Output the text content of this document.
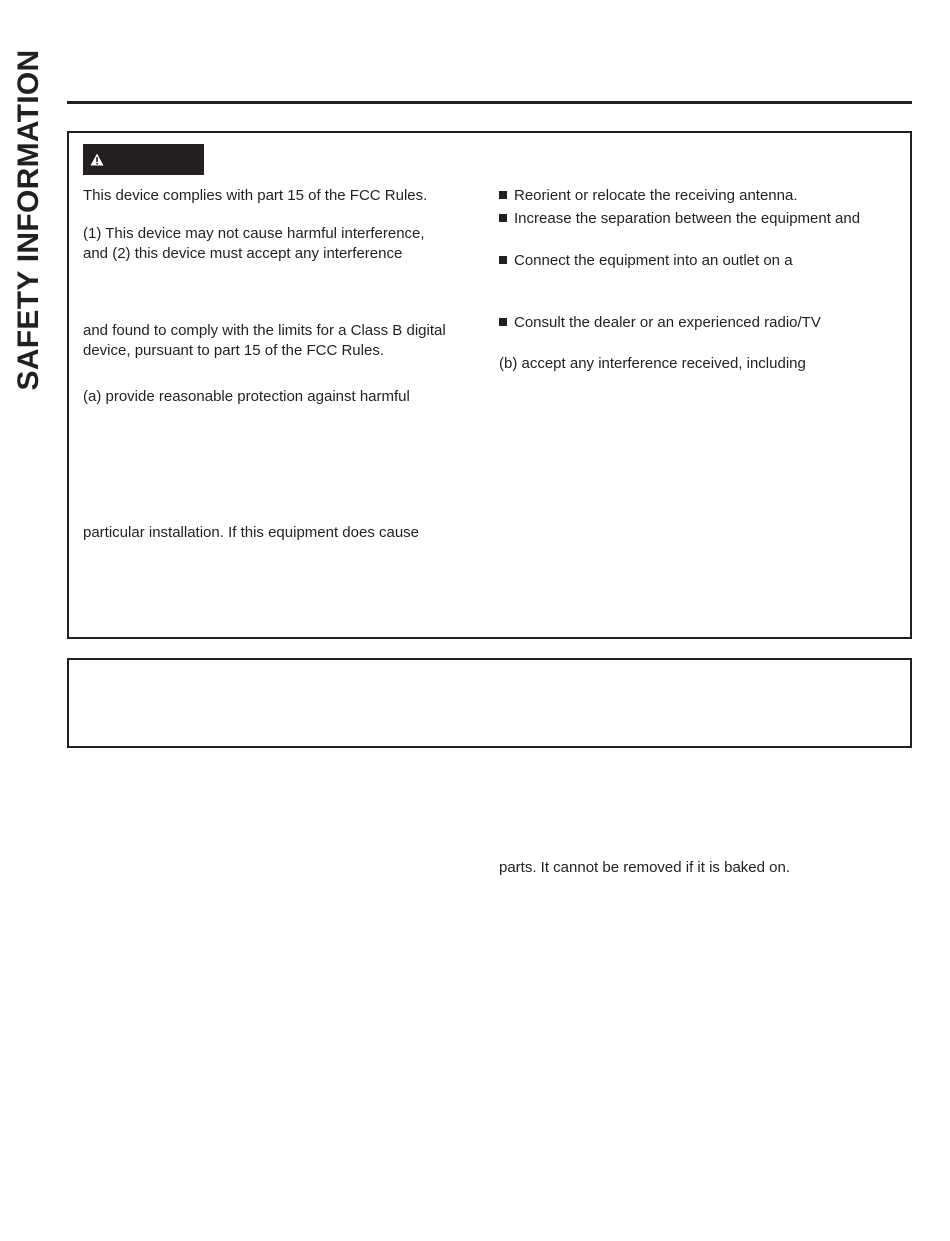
SAFETY INFORMATION	This device complies with part 15 of the FCC Rules.
(1) This device may not cause harmful interference,
and (2) this device must accept any interference
and found to comply with the limits for a Class B digital
device, pursuant to part 15 of the FCC Rules.
(a) provide reasonable protection against harmful
particular installation. If this equipment does cause
Reorient or relocate the receiving antenna.
Increase the separation between the equipment and
Connect the equipment into an outlet on a
Consult the dealer or an experienced radio/TV
(b) accept any interference received, including
parts. It cannot be removed if it is baked on.
